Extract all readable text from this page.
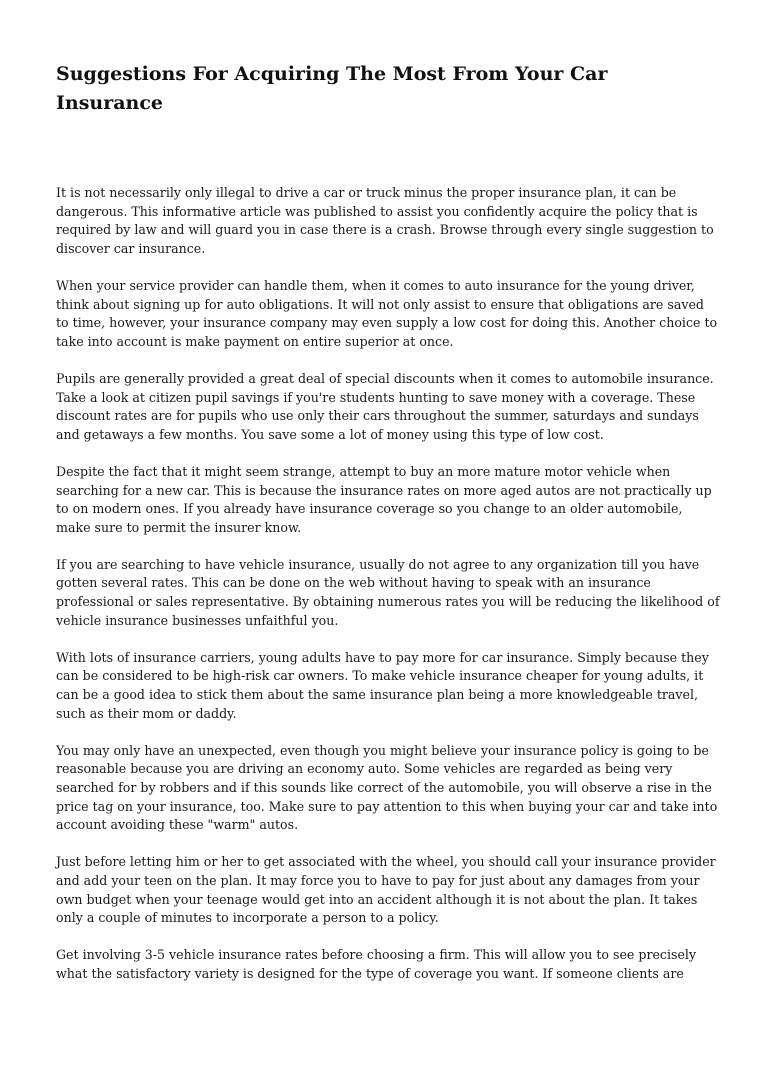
Suggestions For Acquiring The Most From Your Car Insurance

It is not necessarily only illegal to drive a car or truck minus the proper insurance plan, it can be dangerous. This informative article was published to assist you confidently acquire the policy that is required by law and will guard you in case there is a crash. Browse through every single suggestion to discover car insurance.

When your service provider can handle them, when it comes to auto insurance for the young driver, think about signing up for auto obligations. It will not only assist to ensure that obligations are saved to time, however, your insurance company may even supply a low cost for doing this. Another choice to take into account is make payment on entire superior at once.

Pupils are generally provided a great deal of special discounts when it comes to automobile insurance. Take a look at citizen pupil savings if you're students hunting to save money with a coverage. These discount rates are for pupils who use only their cars throughout the summer, saturdays and sundays and getaways a few months. You save some a lot of money using this type of low cost.

Despite the fact that it might seem strange, attempt to buy an more mature motor vehicle when searching for a new car. This is because the insurance rates on more aged autos are not practically up to on modern ones. If you already have insurance coverage so you change to an older automobile, make sure to permit the insurer know.

If you are searching to have vehicle insurance, usually do not agree to any organization till you have gotten several rates. This can be done on the web without having to speak with an insurance professional or sales representative. By obtaining numerous rates you will be reducing the likelihood of vehicle insurance businesses unfaithful you.

With lots of insurance carriers, young adults have to pay more for car insurance. Simply because they can be considered to be high-risk car owners. To make vehicle insurance cheaper for young adults, it can be a good idea to stick them about the same insurance plan being a more knowledgeable travel, such as their mom or daddy.

You may only have an unexpected, even though you might believe your insurance policy is going to be reasonable because you are driving an economy auto. Some vehicles are regarded as being very searched for by robbers and if this sounds like correct of the automobile, you will observe a rise in the price tag on your insurance, too. Make sure to pay attention to this when buying your car and take into account avoiding these "warm" autos.

Just before letting him or her to get associated with the wheel, you should call your insurance provider and add your teen on the plan. It may force you to have to pay for just about any damages from your own budget when your teenage would get into an accident although it is not about the plan. It takes only a couple of minutes to incorporate a person to a policy.

Get involving 3-5 vehicle insurance rates before choosing a firm. This will allow you to see precisely what the satisfactory variety is designed for the type of coverage you want. If someone clients are
